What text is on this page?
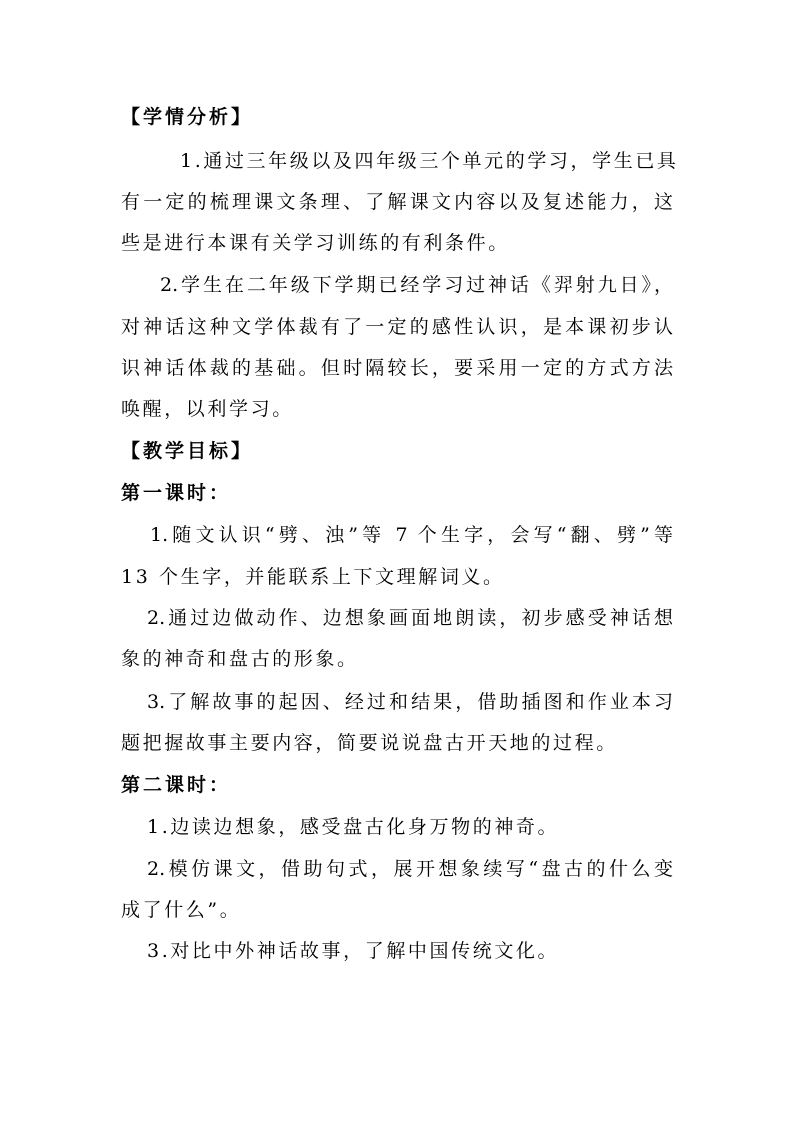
【学情分析】
1.通过三年级以及四年级三个单元的学习，学生已具
有一定的梳理课文条理、了解课文内容以及复述能力，这
些是进行本课有关学习训练的有利条件。
2.学生在二年级下学期已经学习过神话《羿射九日》，
对神话这种文学体裁有了一定的感性认识，是本课初步认
识神话体裁的基础。但时隔较长，要采用一定的方式方法
唤醒，以利学习。
【教学目标】
第一课时：
1.随文认识“劈、浊”等 7 个生字，会写“翻、劈”等
13 个生字，并能联系上下文理解词义。
2.通过边做动作、边想象画面地朗读，初步感受神话想
象的神奇和盘古的形象。
3.了解故事的起因、经过和结果，借助插图和作业本习
题把握故事主要内容，简要说说盘古开天地的过程。
第二课时：
1.边读边想象，感受盘古化身万物的神奇。
2.模仿课文，借助句式，展开想象续写“盘古的什么变
成了什么”。
3.对比中外神话故事，了解中国传统文化。
